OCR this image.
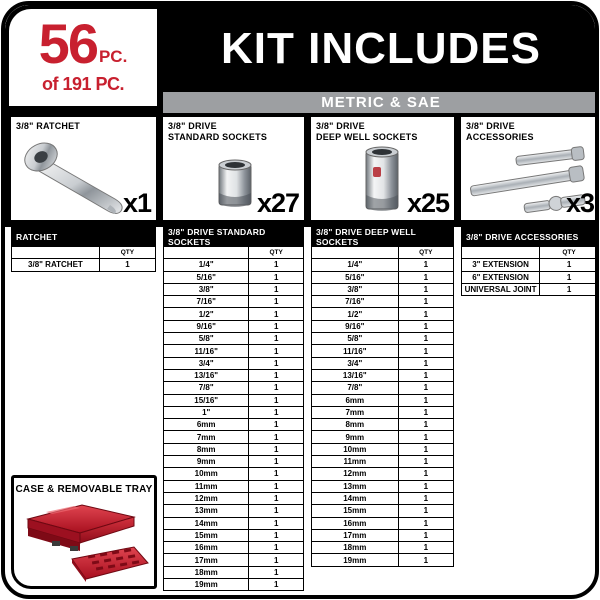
56 PC.
of 191 PC.
KIT INCLUDES
METRIC & SAE
3/8" RATCHET

x1
3/8" DRIVE
STANDARD SOCKETS
x27
3/8" DRIVE
DEEP WELL SOCKETS
x25
3/8" DRIVE
ACCESSORIES
x3
RATCHET
QTY
3/8" RATCHET	1
3/8" DRIVE STANDARD SOCKETS
QTY
1/4"	1
5/16"	1
3/8"	1
7/16"	1
1/2"	1
9/16"	1
5/8"	1
11/16"	1
3/4"	1
13/16"	1
7/8"	1
15/16"	1
1"	1
6mm	1
7mm	1
8mm	1
9mm	1
10mm	1
11mm	1
12mm	1
13mm	1
14mm	1
15mm	1
16mm	1
17mm	1
18mm	1
19mm	1
3/8" DRIVE DEEP WELL SOCKETS
QTY
1/4"	1
5/16"	1
3/8"	1
7/16"	1
1/2"	1
9/16"	1
5/8"	1
11/16"	1
3/4"	1
13/16"	1
7/8"	1
6mm	1
7mm	1
8mm	1
9mm	1
10mm	1
11mm	1
12mm	1
13mm	1
14mm	1
15mm	1
16mm	1
17mm	1
18mm	1
19mm	1
3/8" DRIVE ACCESSORIES
QTY
3" EXTENSION	1
6" EXTENSION	1
UNIVERSAL JOINT	1
CASE & REMOVABLE TRAY
